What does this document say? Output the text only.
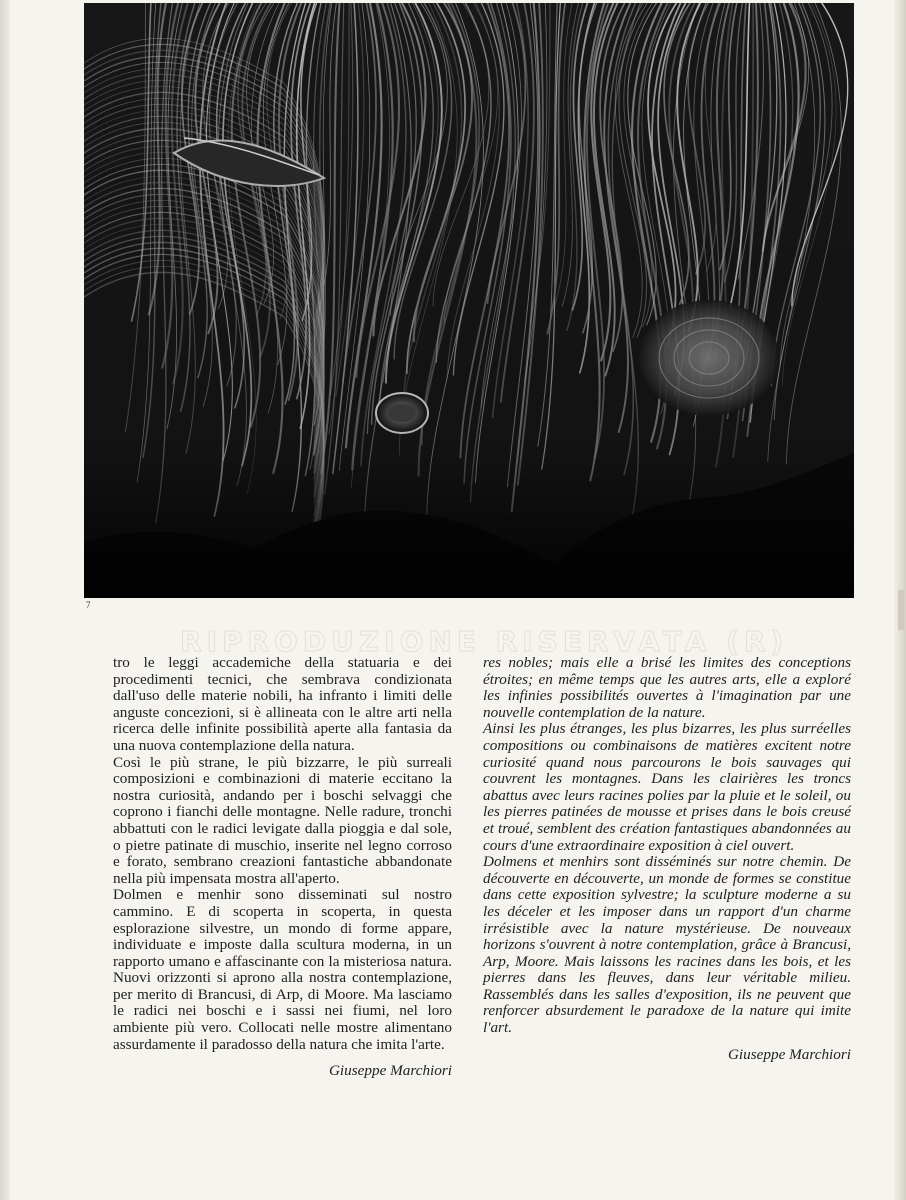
7
RIPRODUZIONE RISERVATA (R)

tro le leggi accademiche della statuaria e dei procedimenti tecnici, che sembrava condizionata dall'uso delle materie nobili, ha infranto i limiti delle anguste concezioni, si è allineata con le altre arti nella ricerca delle infinite possibilità aperte alla fantasia da una nuova contemplazione della natura.

Così le più strane, le più bizzarre, le più surreali composizioni e combinazioni di materie eccitano la nostra curiosità, andando per i boschi selvaggi che coprono i fianchi delle montagne. Nelle radure, tronchi abbattuti con le radici levigate dalla pioggia e dal sole, o pietre patinate di muschio, inserite nel legno corroso e forato, sembrano creazioni fantastiche abbandonate nella più impensata mostra all'aperto.

Dolmen e menhir sono disseminati sul nostro cammino. E di scoperta in scoperta, in questa esplorazione silvestre, un mondo di forme appare, individuate e imposte dalla scultura moderna, in un rapporto umano e affascinante con la misteriosa natura. Nuovi orizzonti si aprono alla nostra contemplazione, per merito di Brancusi, di Arp, di Moore. Ma lasciamo le radici nei boschi e i sassi nei fiumi, nel loro ambiente più vero. Collocati nelle mostre alimentano assurdamente il paradosso della natura che imita l'arte.

Giuseppe Marchiori

res nobles; mais elle a brisé les limites des conceptions étroites; en même temps que les autres arts, elle a exploré les infinies possibilités ouvertes à l'imagination par une nouvelle contemplation de la nature.

Ainsi les plus étranges, les plus bizarres, les plus surréelles compositions ou combinaisons de matières excitent notre curiosité quand nous parcourons le bois sauvages qui couvrent les montagnes. Dans les clairières les troncs abattus avec leurs racines polies par la pluie et le soleil, ou les pierres patinées de mousse et prises dans le bois creusé et troué, semblent des création fantastiques abandonnées au cours d'une extraordinaire exposition à ciel ouvert.

Dolmens et menhirs sont disséminés sur notre chemin. De découverte en découverte, un monde de formes se constitue dans cette exposition sylvestre; la sculpture moderne a su les déceler et les imposer dans un rapport d'un charme irrésistible avec la nature mystérieuse. De nouveaux horizons s'ouvrent à notre contemplation, grâce à Brancusi, Arp, Moore. Mais laissons les racines dans les bois, et les pierres dans les fleuves, dans leur véritable milieu. Rassemblés dans les salles d'exposition, ils ne peuvent que renforcer absurdement le paradoxe de la nature qui imite l'art.

Giuseppe Marchiori
